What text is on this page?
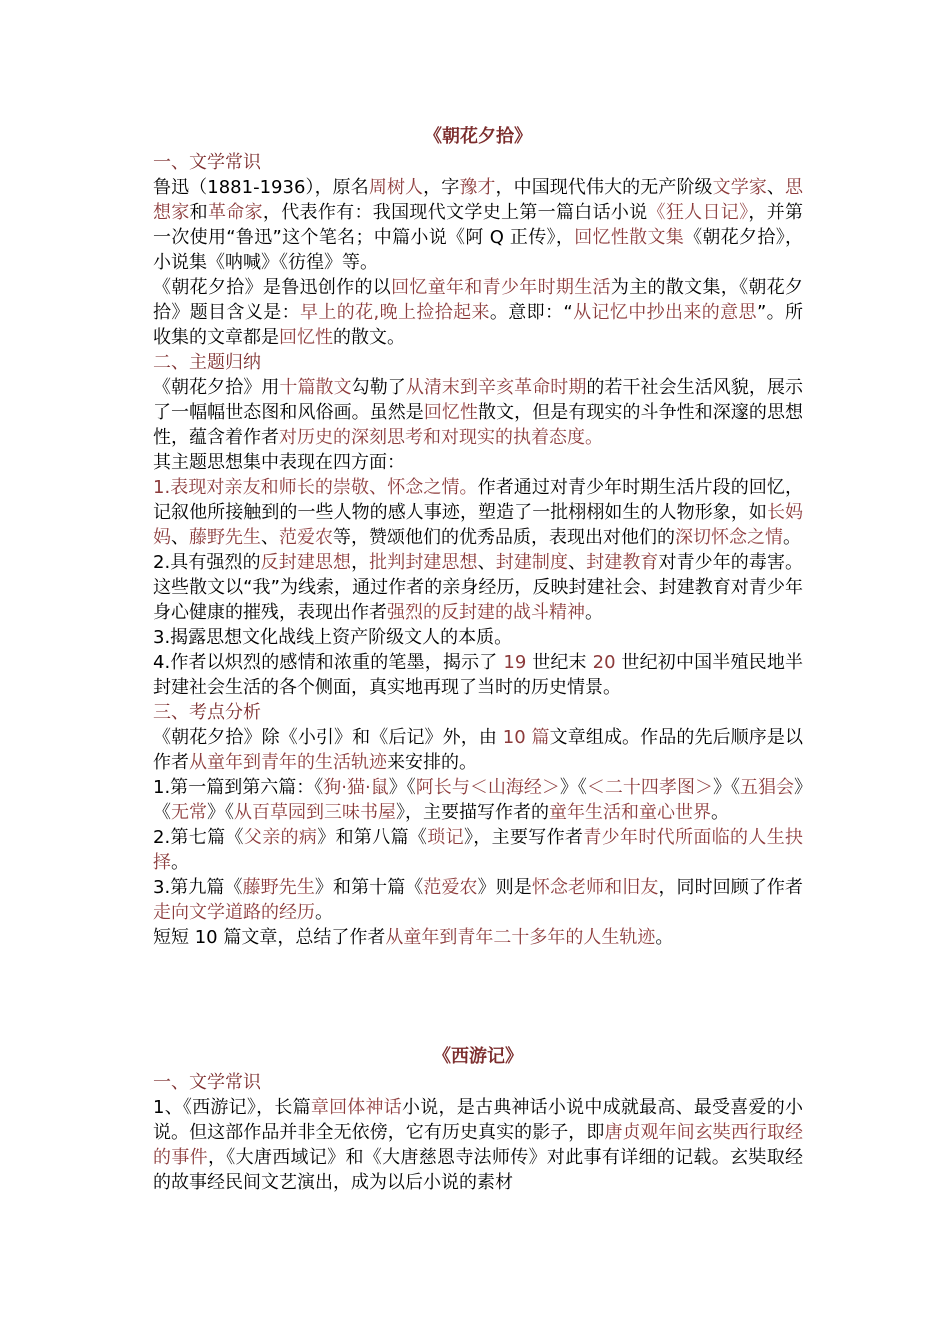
《朝花夕拾》
一、文学常识
鲁迅（1881-1936），原名周树人，字豫才，中国现代伟大的无产阶级文学家、思想家和革命家，代表作有：我国现代文学史上第一篇白话小说《狂人日记》，并第一次使用“鲁迅”这个笔名；中篇小说《阿 Q 正传》，回忆性散文集《朝花夕拾》，小说集《呐喊》《彷徨》等。
《朝花夕拾》是鲁迅创作的以回忆童年和青少年时期生活为主的散文集，《朝花夕拾》题目含义是：早上的花,晚上捡拾起来。意即：“从记忆中抄出来的意思”。所收集的文章都是回忆性的散文。
二、主题归纳
《朝花夕拾》用十篇散文勾勒了从清末到辛亥革命时期的若干社会生活风貌，展示了一幅幅世态图和风俗画。虽然是回忆性散文，但是有现实的斗争性和深邃的思想性，蕴含着作者对历史的深刻思考和对现实的执着态度。
其主题思想集中表现在四方面：
1.表现对亲友和师长的崇敬、怀念之情。作者通过对青少年时期生活片段的回忆，记叙他所接触到的一些人物的感人事迹，塑造了一批栩栩如生的人物形象，如长妈妈、藤野先生、范爱农等，赞颂他们的优秀品质，表现出对他们的深切怀念之情。
2.具有强烈的反封建思想，批判封建思想、封建制度、封建教育对青少年的毒害。这些散文以“我”为线索，通过作者的亲身经历，反映封建社会、封建教育对青少年身心健康的摧残，表现出作者强烈的反封建的战斗精神。
3.揭露思想文化战线上资产阶级文人的本质。
4.作者以炽烈的感情和浓重的笔墨，揭示了 19 世纪末 20 世纪初中国半殖民地半封建社会生活的各个侧面，真实地再现了当时的历史情景。
三、考点分析
《朝花夕拾》除《小引》和《后记》外，由 10 篇文章组成。作品的先后顺序是以作者从童年到青年的生活轨迹来安排的。
1.第一篇到第六篇：《狗·猫·鼠》《阿长与＜山海经＞》《＜二十四孝图＞》《五猖会》《无常》《从百草园到三味书屋》，主要描写作者的童年生活和童心世界。
2.第七篇《父亲的病》和第八篇《琐记》，主要写作者青少年时代所面临的人生抉择。
3.第九篇《藤野先生》和第十篇《范爱农》则是怀念老师和旧友，同时回顾了作者走向文学道路的经历。
短短 10 篇文章，总结了作者从童年到青年二十多年的人生轨迹。
《西游记》
一、文学常识
1、《西游记》，长篇章回体神话小说，是古典神话小说中成就最高、最受喜爱的小说。但这部作品并非全无依傍，它有历史真实的影子，即唐贞观年间玄奘西行取经的事件，《大唐西域记》和《大唐慈恩寺法师传》对此事有详细的记载。玄奘取经的故事经民间文艺演出，成为以后小说的素材
